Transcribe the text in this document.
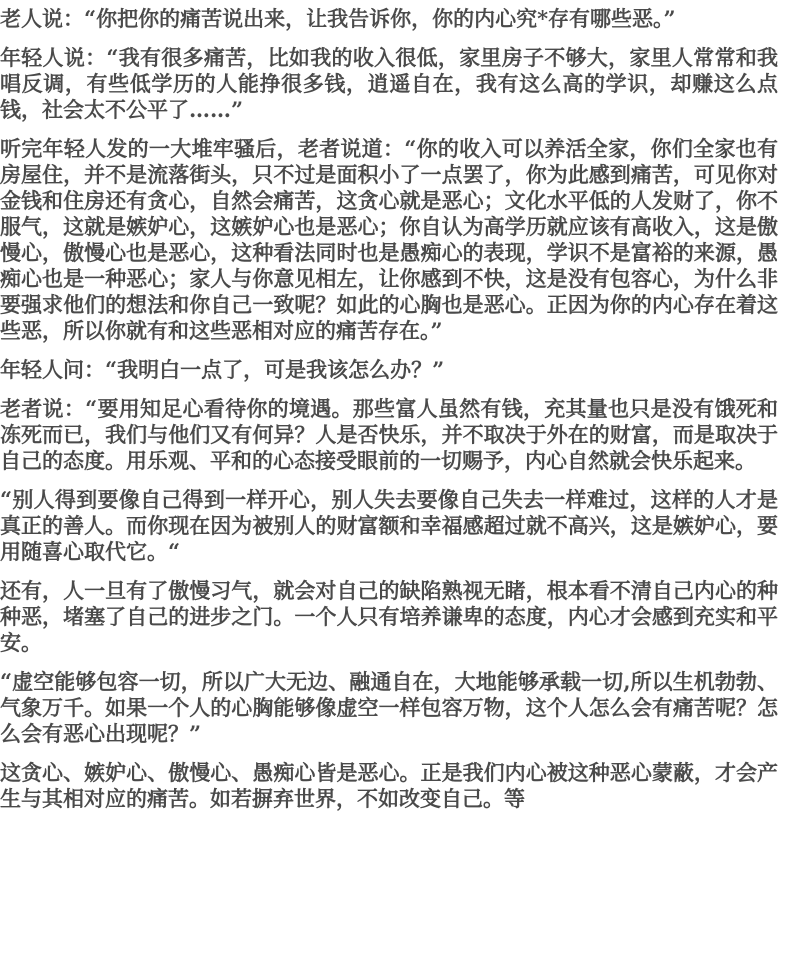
老人说：“你把你的痛苦说出来，让我告诉你，你的内心究*存有哪些恶。”

年轻人说：“我有很多痛苦，比如我的收入很低，家里房子不够大，家里人常常和我唱反调，有些低学历的人能挣很多钱，逍遥自在，我有这么高的学识，却赚这么点钱，社会太不公平了……”

听完年轻人发的一大堆牢骚后，老者说道：“你的收入可以养活全家，你们全家也有房屋住，并不是流落街头，只不过是面积小了一点罢了，你为此感到痛苦，可见你对金钱和住房还有贪心，自然会痛苦，这贪心就是恶心；文化水平低的人发财了，你不服气，这就是嫉妒心，这嫉妒心也是恶心；你自认为高学历就应该有高收入，这是傲慢心，傲慢心也是恶心，这种看法同时也是愚痴心的表现，学识不是富裕的来源，愚痴心也是一种恶心；家人与你意见相左，让你感到不快，这是没有包容心，为什么非要强求他们的想法和你自己一致呢？如此的心胸也是恶心。正因为你的内心存在着这些恶，所以你就有和这些恶相对应的痛苦存在。”

年轻人问：“我明白一点了，可是我该怎么办？”

老者说：“要用知足心看待你的境遇。那些富人虽然有钱，充其量也只是没有饿死和冻死而已，我们与他们又有何异？人是否快乐，并不取决于外在的财富，而是取决于自己的态度。用乐观、平和的心态接受眼前的一切赐予，内心自然就会快乐起来。

“别人得到要像自己得到一样开心，别人失去要像自己失去一样难过，这样的人才是真正的善人。而你现在因为被别人的财富额和幸福感超过就不高兴，这是嫉妒心，要用随喜心取代它。“

还有，人一旦有了傲慢习气，就会对自己的缺陷熟视无睹，根本看不清自己内心的种种恶，堵塞了自己的进步之门。一个人只有培养谦卑的态度，内心才会感到充实和平安。

“虚空能够包容一切，所以广大无边、融通自在，大地能够承载一切,所以生机勃勃、气象万千。如果一个人的心胸能够像虚空一样包容万物，这个人怎么会有痛苦呢？怎么会有恶心出现呢？”

这贪心、嫉妒心、傲慢心、愚痴心皆是恶心。正是我们内心被这种恶心蒙蔽，才会产生与其相对应的痛苦。如若摒弃世界，不如改变自己。等
